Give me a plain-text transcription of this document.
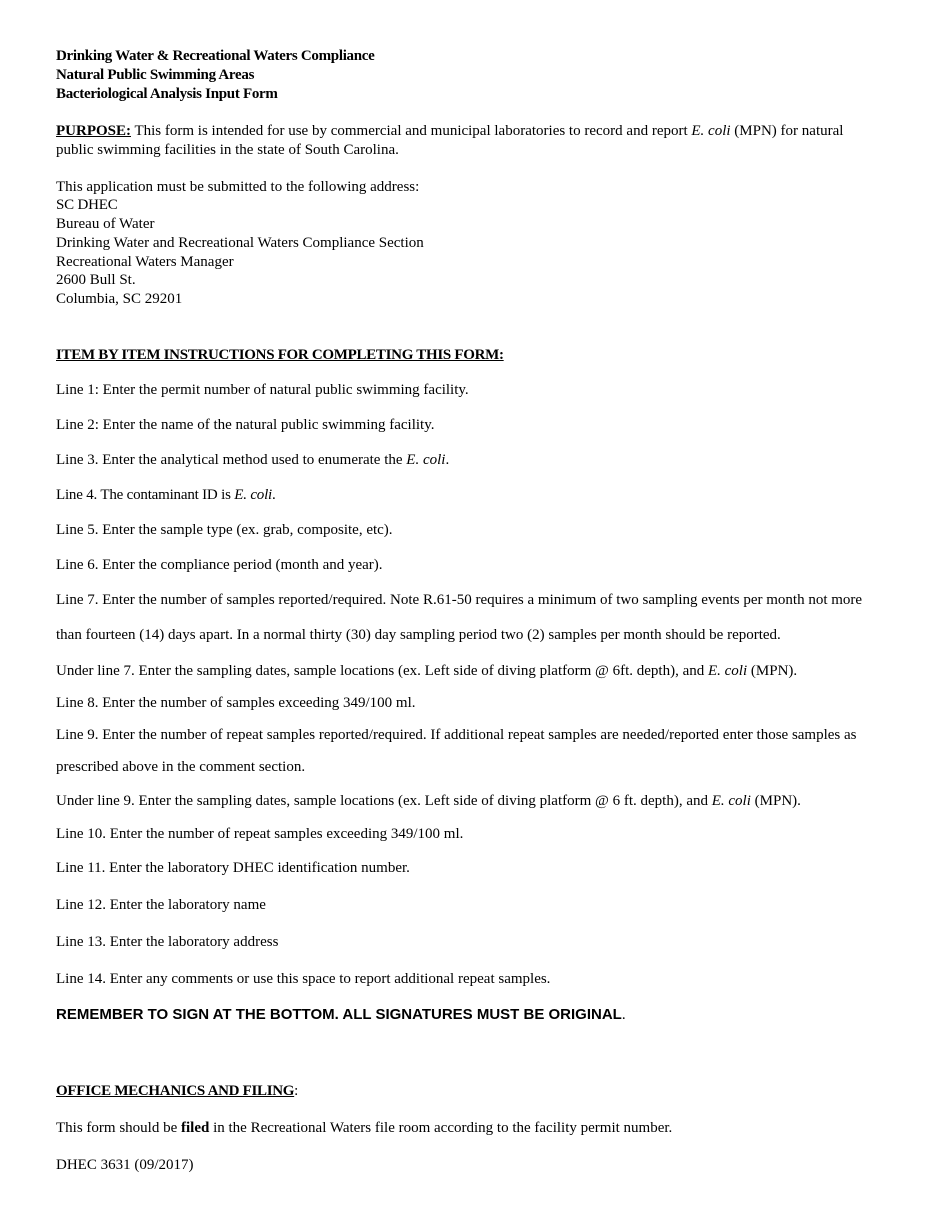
Drinking Water & Recreational Waters Compliance
Natural Public Swimming Areas
Bacteriological Analysis Input Form
PURPOSE: This form is intended for use by commercial and municipal laboratories to record and report E. coli (MPN) for natural
public swimming facilities in the state of South Carolina.
This application must be submitted to the following address:
SC DHEC
Bureau of Water
Drinking Water and Recreational Waters Compliance Section
Recreational Waters Manager
2600 Bull St.
Columbia, SC 29201
ITEM BY ITEM INSTRUCTIONS FOR COMPLETING THIS FORM:
Line 1: Enter the permit number of natural public swimming facility.
Line 2: Enter the name of the natural public swimming facility.
Line 3. Enter the analytical method used to enumerate the E. coli.
Line 4. The contaminant ID is E. coli.
Line 5. Enter the sample type (ex. grab, composite, etc).
Line 6. Enter the compliance period (month and year).
Line 7. Enter the number of samples reported/required. Note R.61-50 requires a minimum of two sampling events per month not more
than fourteen (14) days apart. In a normal thirty (30) day sampling period two (2) samples per month should be reported.
Under line 7. Enter the sampling dates, sample locations (ex. Left side of diving platform @ 6ft. depth), and E. coli (MPN).
Line 8. Enter the number of samples exceeding 349/100 ml.
Line 9. Enter the number of repeat samples reported/required. If additional repeat samples are needed/reported enter those samples as
prescribed above in the comment section.
Under line 9. Enter the sampling dates, sample locations (ex. Left side of diving platform @ 6 ft. depth), and E. coli (MPN).
Line 10. Enter the number of repeat samples exceeding 349/100 ml.
Line 11. Enter the laboratory DHEC identification number.
Line 12. Enter the laboratory name
Line 13. Enter the laboratory address
Line 14. Enter any comments or use this space to report additional repeat samples.
REMEMBER TO SIGN AT THE BOTTOM. ALL SIGNATURES MUST BE ORIGINAL.
OFFICE MECHANICS AND FILING:
This form should be filed in the Recreational Waters file room according to the facility permit number.
DHEC 3631 (09/2017)
